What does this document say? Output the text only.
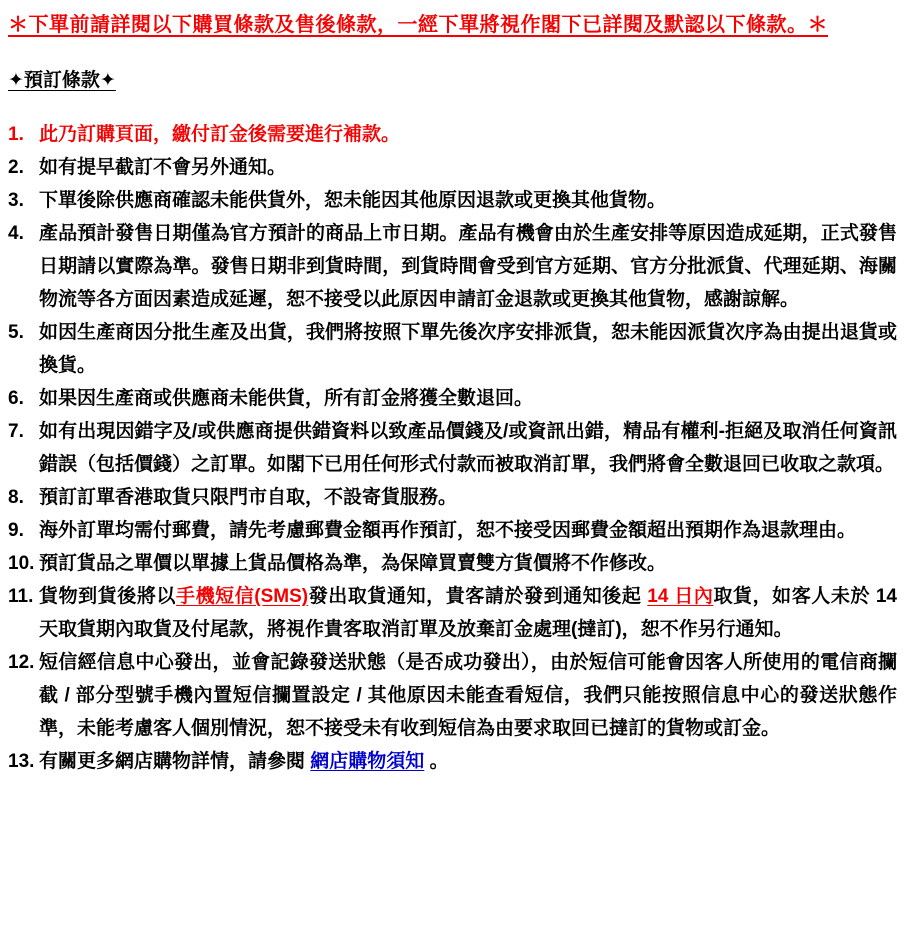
＊下單前請詳閱以下購買條款及售後條款，一經下單將視作閣下已詳閱及默認以下條款。＊
✦預訂條款✦
1. 此乃訂購頁面，繳付訂金後需要進行補款。
2. 如有提早截訂不會另外通知。
3. 下單後除供應商確認未能供貨外，恕未能因其他原因退款或更換其他貨物。
4. 產品預計發售日期僅為官方預計的商品上市日期。產品有機會由於生產安排等原因造成延期，正式發售日期請以實際為準。發售日期非到貨時間，到貨時間會受到官方延期、官方分批派貨、代理延期、海關物流等各方面因素造成延遲，恕不接受以此原因申請訂金退款或更換其他貨物，感謝諒解。
5. 如因生產商因分批生產及出貨，我們將按照下單先後次序安排派貨，恕未能因派貨次序為由提出退貨或換貨。
6. 如果因生產商或供應商未能供貨，所有訂金將獲全數退回。
7. 如有出現因錯字及/或供應商提供錯資料以致產品價錢及/或資訊出錯，精品有權利-拒絕及取消任何資訊錯誤（包括價錢）之訂單。如閣下已用任何形式付款而被取消訂單，我們將會全數退回已收取之款項。
8. 預訂訂單香港取貨只限門市自取，不設寄貨服務。
9. 海外訂單均需付郵費，請先考慮郵費金額再作預訂，恕不接受因郵費金額超出預期作為退款理由。
10. 預訂貨品之單價以單據上貨品價格為準，為保障買賣雙方貨價將不作修改。
11. 貨物到貨後將以手機短信(SMS)發出取貨通知，貴客請於發到通知後起 14 日內取貨，如客人未於 14 天取貨期內取貨及付尾款，將視作貴客取消訂單及放棄訂金處理(撻訂)，恕不作另行通知。
12. 短信經信息中心發出，並會記錄發送狀態（是否成功發出），由於短信可能會因客人所使用的電信商攔截 / 部分型號手機內置短信攔置設定 / 其他原因未能查看短信，我們只能按照信息中心的發送狀態作準，未能考慮客人個別情況，恕不接受未有收到短信為由要求取回已撻訂的貨物或訂金。
13. 有關更多網店購物詳情，請參閱 網店購物須知 。
